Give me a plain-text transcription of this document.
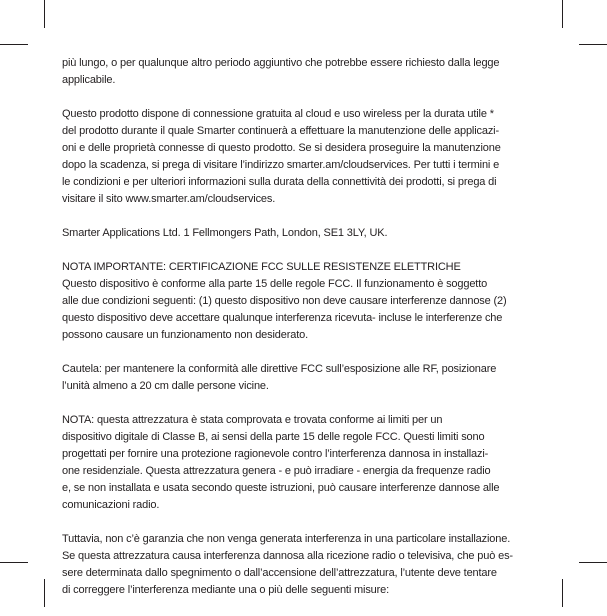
più lungo, o per qualunque altro periodo aggiuntivo che potrebbe essere richiesto dalla legge
applicabile.

Questo prodotto dispone di connessione gratuita al cloud e uso wireless per la durata utile *
del prodotto durante il quale Smarter continuerà a effettuare la manutenzione delle applicazi-
oni e delle proprietà connesse di questo prodotto. Se si desidera proseguire la manutenzione
dopo la scadenza, si prega di visitare l’indirizzo smarter.am/cloudservices. Per tutti i termini e
le condizioni e per ulteriori informazioni sulla durata della connettività dei prodotti, si prega di
visitare il sito www.smarter.am/cloudservices.

Smarter Applications Ltd. 1 Fellmongers Path, London, SE1 3LY, UK.

NOTA IMPORTANTE: CERTIFICAZIONE FCC SULLE RESISTENZE ELETTRICHE
Questo dispositivo è conforme alla parte 15 delle regole FCC. Il funzionamento è soggetto
alle due condizioni seguenti: (1) questo dispositivo non deve causare interferenze dannose (2)
questo dispositivo deve accettare qualunque interferenza ricevuta- incluse le interferenze che
possono causare un funzionamento non desiderato.

Cautela: per mantenere la conformità alle direttive FCC sull’esposizione alle RF, posizionare
l’unità almeno a 20 cm dalle persone vicine.

NOTA: questa attrezzatura è stata comprovata e trovata conforme ai limiti per un
dispositivo digitale di Classe B, ai sensi della parte 15 delle regole FCC. Questi limiti sono
progettati per fornire una protezione ragionevole contro l’interferenza dannosa in installazi-
one residenziale. Questa attrezzatura genera - e può irradiare - energia da frequenze radio
e, se non installata e usata secondo queste istruzioni, può causare interferenze dannose alle
comunicazioni radio.

Tuttavia, non c’è garanzia che non venga generata interferenza in una particolare installazione.
Se questa attrezzatura causa interferenza dannosa alla ricezione radio o televisiva, che può es-
sere determinata dallo spegnimento o dall’accensione dell’attrezzatura, l’utente deve tentare
di correggere l’interferenza mediante una o più delle seguenti misure:
